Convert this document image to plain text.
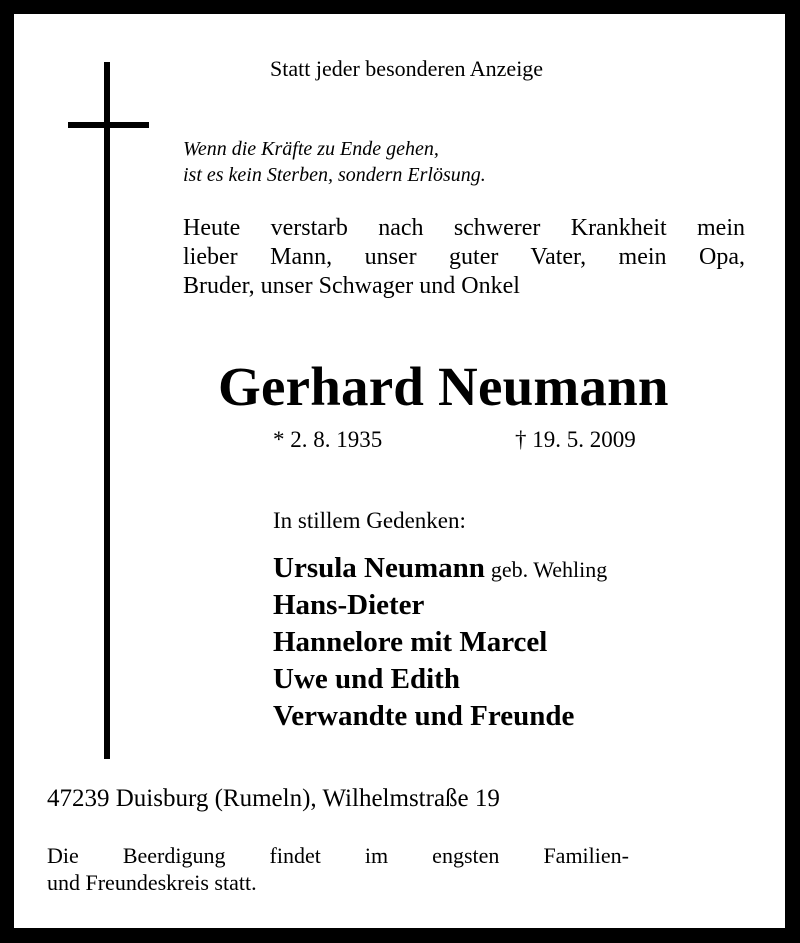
Statt jeder besonderen Anzeige
Wenn die Kräfte zu Ende gehen,
ist es kein Sterben, sondern Erlösung.
Heute verstarb nach schwerer Krankheit mein
lieber Mann, unser guter Vater, mein Opa,
Bruder, unser Schwager und Onkel
Gerhard Neumann
* 2. 8. 1935	† 19. 5. 2009
In stillem Gedenken:
Ursula Neumann geb. Wehling
Hans-Dieter
Hannelore mit Marcel
Uwe und Edith
Verwandte und Freunde
47239 Duisburg (Rumeln), Wilhelmstraße 19
Die Beerdigung findet im engsten Familien-
und Freundeskreis statt.
